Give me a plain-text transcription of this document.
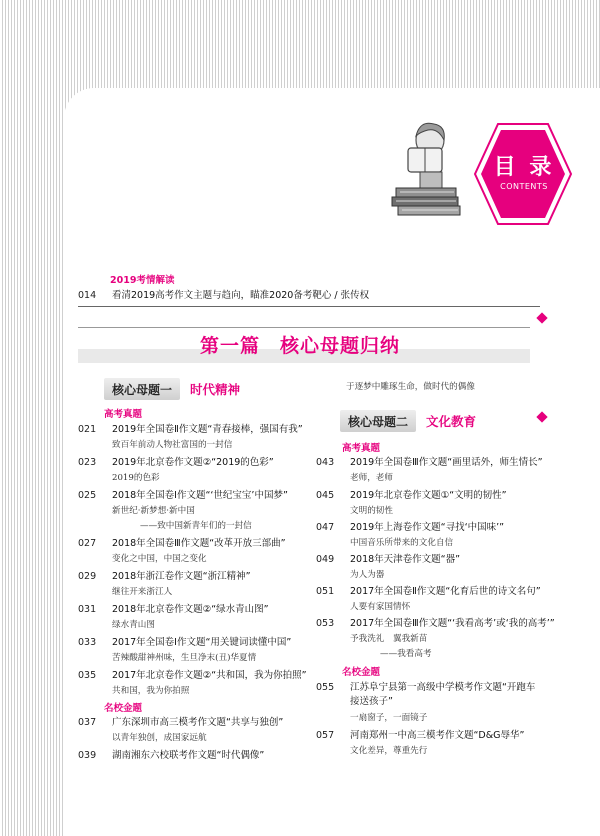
目 录
CONTENTS
2019考情解读
014 看清2019高考作文主题与趋向，瞄准2020备考靶心 / 张传权
第一篇　核心母题归纳
核心母题一	时代精神
高考真题
021 2019年全国卷Ⅱ作文题“青春接棒，强国有我”
致百年前动人物社富国的一封信
023 2019年北京卷作文题②“2019的色彩”
2019的色彩
025 2018年全国卷Ⅰ作文题“‘世纪宝宝’中国梦”
新世纪·新梦想·新中国
——致中国新青年们的一封信
027 2018年全国卷Ⅲ作文题“改革开放三部曲”
变化之中国，中国之变化
029 2018年浙江卷作文题“浙江精神”
继往开来浙江人
031 2018年北京卷作文题②“绿水青山图”
绿水青山图
033 2017年全国卷Ⅰ作文题“用关键词读懂中国”
苦辣酸甜神州味，生旦净末(丑)华夏情
035 2017年北京卷作文题②“共和国，我为你拍照”
共和国，我为你拍照
名校金题
037 广东深圳市高三模考作文题“共享与独创”
以青年独创，成国家远航
039 湖南湘东六校联考作文题“时代偶像”
于逐梦中雕琢生命，做时代的偶像
核心母题二	文化教育
高考真题
043 2019年全国卷Ⅲ作文题“画里话外，师生情长”
老师，老师
045 2019年北京卷作文题①“文明的韧性”
文明的韧性
047 2019年上海卷作文题“寻找‘中国味’”
中国音乐所带来的文化自信
049 2018年天津卷作文题“器”
为人为器
051 2017年全国卷Ⅱ作文题“化育后世的诗文名句”
人要有家国情怀
053 2017年全国卷Ⅲ作文题“‘我看高考’或‘我的高考’”
予我洗礼　翼我新苗
——我看高考
名校金题
055 江苏阜宁县第一高级中学模考作文题“开跑车
接送孩子”
一扇窗子，一面镜子
057 河南郑州一中高三模考作文题“D&G辱华”
文化差异，尊重先行
